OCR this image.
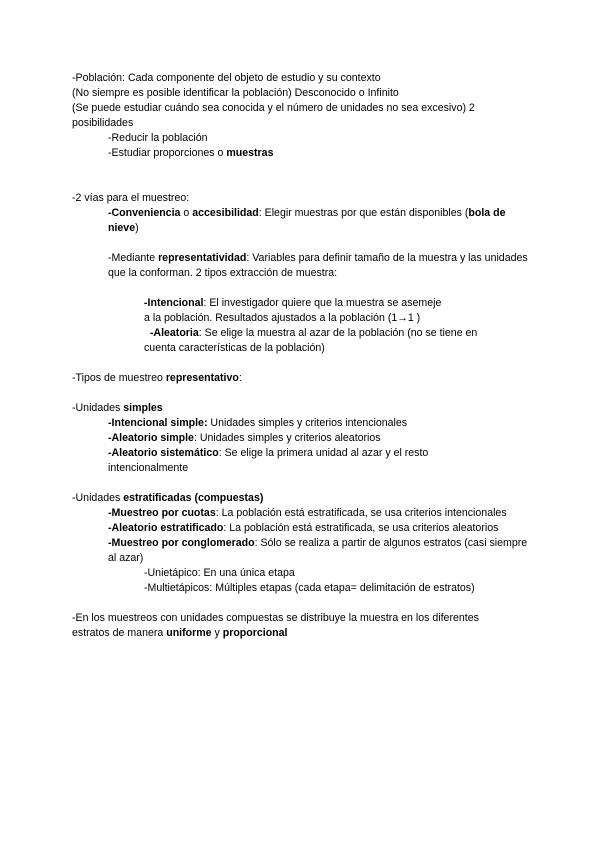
-Población: Cada componente del objeto de estudio y su contexto

(No siempre es posible identificar la población) Desconocido o Infinito

(Se puede estudiar cuándo sea conocida y el número de unidades no sea excesivo) 2 posibilidades

-Reducir la población

-Estudiar proporciones o muestras

-2 vías para el muestreo:

-Conveniencia o accesibilidad: Elegir muestras por que están disponibles (bola de nieve)

-Mediante representatividad: Variables para definir tamaño de la muestra y las unidades que la conforman. 2 tipos extracción de muestra:

-Intencional: El investigador quiere que la muestra se asemeje a la población. Resultados ajustados a la población (1→1 )

-Aleatoria: Se elige la muestra al azar de la población (no se tiene en cuenta características de la población)

-Tipos de muestreo representativo:

-Unidades simples

-Intencional simple: Unidades simples y criterios intencionales

-Aleatorio simple: Unidades simples y criterios aleatorios

-Aleatorio sistemático: Se elige la primera unidad al azar y el resto intencionalmente

-Unidades estratificadas (compuestas)

-Muestreo por cuotas: La población está estratificada, se usa criterios intencionales

-Aleatorio estratificado: La población está estratificada, se usa criterios aleatorios

-Muestreo por conglomerado: Sólo se realiza a partir de algunos estratos (casi siempre al azar)

-Unietápico: En una única etapa

-Multietápicos: Múltiples etapas (cada etapa= delimitación de estratos)

-En los muestreos con unidades compuestas se distribuye la muestra en los diferentes estratos de manera uniforme y proporcional
